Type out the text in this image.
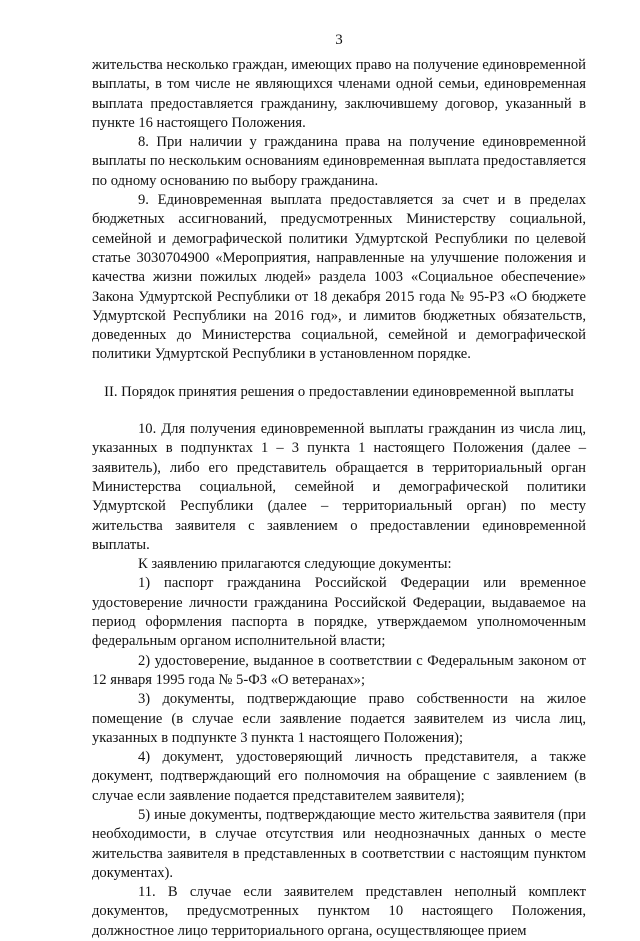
3

жительства несколько граждан, имеющих право на получение единовременной выплаты, в том числе не являющихся членами одной семьи, единовременная выплата предоставляется гражданину, заключившему договор, указанный в пункте 16 настоящего Положения.

8. При наличии у гражданина права на получение единовременной выплаты по нескольким основаниям единовременная выплата предоставляется по одному основанию по выбору гражданина.

9. Единовременная выплата предоставляется за счет и в пределах бюджетных ассигнований, предусмотренных Министерству социальной, семейной и демографической политики Удмуртской Республики по целевой статье 3030704900 «Мероприятия, направленные на улучшение положения и качества жизни пожилых людей» раздела 1003 «Социальное обеспечение» Закона Удмуртской Республики от 18 декабря 2015 года № 95-РЗ «О бюджете Удмуртской Республики на 2016 год», и лимитов бюджетных обязательств, доведенных до Министерства социальной, семейной и демографической политики Удмуртской Республики в установленном порядке.

II. Порядок принятия решения о предоставлении единовременной выплаты

10. Для получения единовременной выплаты гражданин из числа лиц, указанных в подпунктах 1 – 3 пункта 1 настоящего Положения (далее – заявитель), либо его представитель обращается в территориальный орган Министерства социальной, семейной и демографической политики Удмуртской Республики (далее – территориальный орган) по месту жительства заявителя с заявлением о предоставлении единовременной выплаты.

К заявлению прилагаются следующие документы:

1) паспорт гражданина Российской Федерации или временное удостоверение личности гражданина Российской Федерации, выдаваемое на период оформления паспорта в порядке, утверждаемом уполномоченным федеральным органом исполнительной власти;

2) удостоверение, выданное в соответствии с Федеральным законом от 12 января 1995 года № 5-ФЗ «О ветеранах»;

3) документы, подтверждающие право собственности на жилое помещение (в случае если заявление подается заявителем из числа лиц, указанных в подпункте 3 пункта 1 настоящего Положения);

4) документ, удостоверяющий личность представителя, а также документ, подтверждающий его полномочия на обращение с заявлением (в случае если заявление подается представителем заявителя);

5) иные документы, подтверждающие место жительства заявителя (при необходимости, в случае отсутствия или неоднозначных данных о месте жительства заявителя в представленных в соответствии с настоящим пунктом документах).

11. В случае если заявителем представлен неполный комплект документов, предусмотренных пунктом 10 настоящего Положения, должностное лицо территориального органа, осуществляющее прием
